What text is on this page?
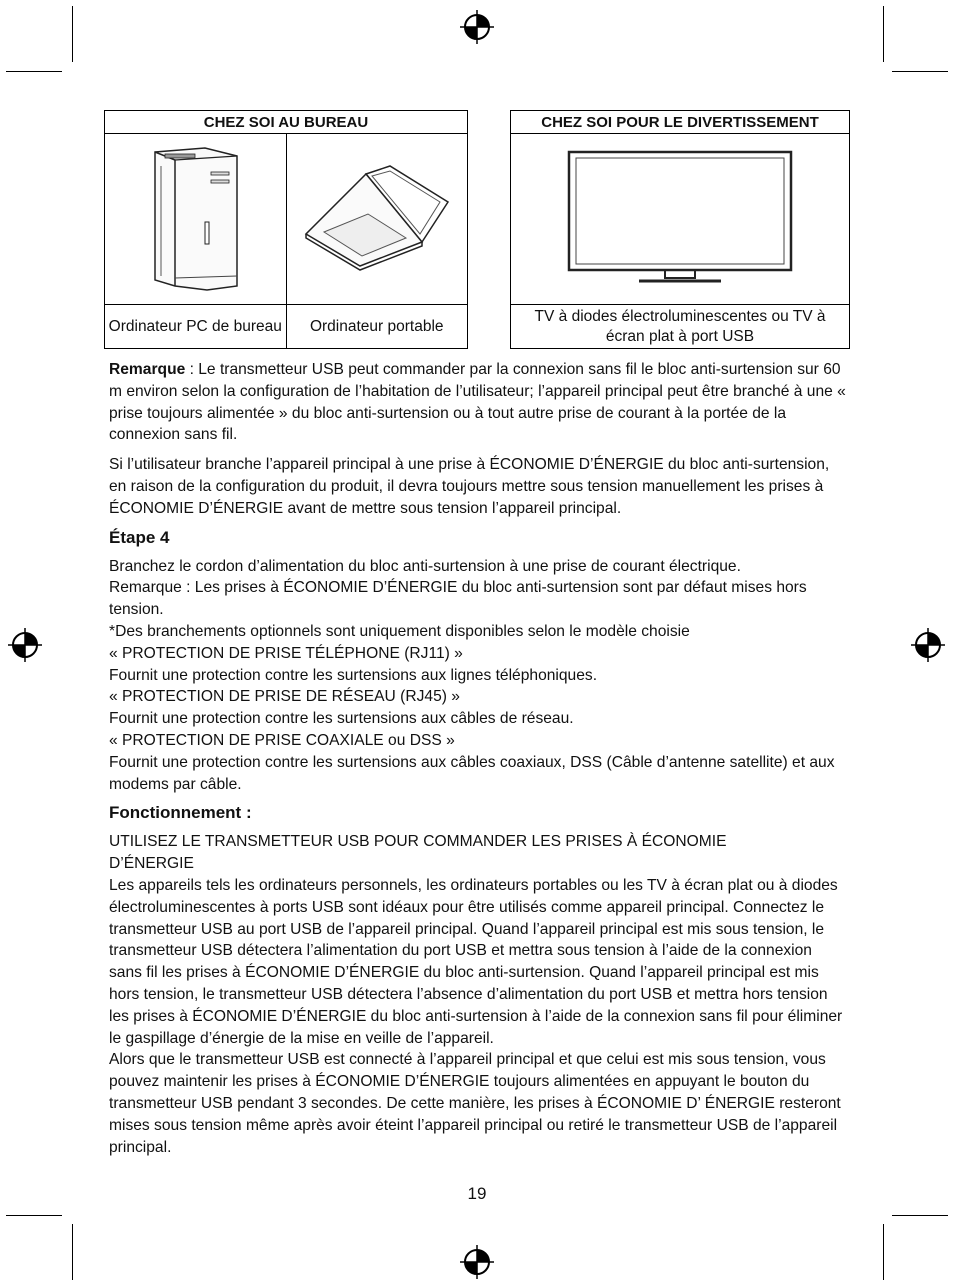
CHEZ SOI AU BUREAU	

Ordinateur PC de bureau	Ordinateur portable
CHEZ SOI POUR LE DIVERTISSEMENT

TV à diodes électroluminescentes ou TV à écran plat à port USB

Remarque : Le transmetteur USB peut commander par la connexion sans fil le bloc anti-surtension sur 60 m environ selon la configuration de l’habitation de l’utilisateur; l’appareil principal peut être branché à une « prise toujours alimentée » du bloc anti-surtension ou à tout autre prise de courant à la portée de la connexion sans fil.

Si l’utilisateur branche l’appareil principal à une prise à ÉCONOMIE D’ÉNERGIE du bloc anti-surtension, en raison de la configuration du produit, il devra toujours mettre sous tension manuellement les prises à ÉCONOMIE D’ÉNERGIE avant de mettre sous tension l’appareil principal.

Étape 4

Branchez le cordon d’alimentation du bloc anti-surtension à une prise de courant électrique.

Remarque : Les prises à ÉCONOMIE D’ÉNERGIE du bloc anti-surtension sont par défaut mises hors tension.

*Des branchements optionnels sont uniquement disponibles selon le modèle choisie

« PROTECTION DE PRISE TÉLÉPHONE (RJ11) »

Fournit une protection contre les surtensions aux lignes téléphoniques.

« PROTECTION DE PRISE DE RÉSEAU (RJ45) »

Fournit une protection contre les surtensions aux câbles de réseau.

« PROTECTION DE PRISE COAXIALE ou DSS »

Fournit une protection contre les surtensions aux câbles coaxiaux, DSS (Câble d’antenne satellite) et aux modems par câble.

Fonctionnement :

UTILISEZ LE TRANSMETTEUR USB POUR COMMANDER LES PRISES À ÉCONOMIE D’ÉNERGIE

Les appareils tels les ordinateurs personnels, les ordinateurs portables ou les TV à écran plat ou à diodes électroluminescentes à ports USB sont idéaux pour être utilisés comme appareil principal. Connectez le transmetteur USB au port USB de l’appareil principal. Quand l’appareil principal est mis sous tension, le transmetteur USB détectera l’alimentation du port USB et mettra sous tension à l’aide de la connexion sans fil les prises à ÉCONOMIE D’ÉNERGIE du bloc anti-surtension. Quand l’appareil principal est mis hors tension, le transmetteur USB détectera l’absence d’alimentation du port USB et mettra hors tension les prises à ÉCONOMIE D’ÉNERGIE du bloc anti-surtension à l’aide de la connexion sans fil pour éliminer le gaspillage d’énergie de la mise en veille de l’appareil.

Alors que le transmetteur USB est connecté à l’appareil principal et que celui est mis sous tension, vous pouvez maintenir les prises à ÉCONOMIE D’ÉNERGIE toujours alimentées en appuyant le bouton du transmetteur USB pendant 3 secondes. De cette manière, les prises à ÉCONOMIE D’ ÉNERGIE resteront mises sous tension même après avoir éteint l’appareil principal ou retiré le transmetteur USB de l’appareil principal.

19
